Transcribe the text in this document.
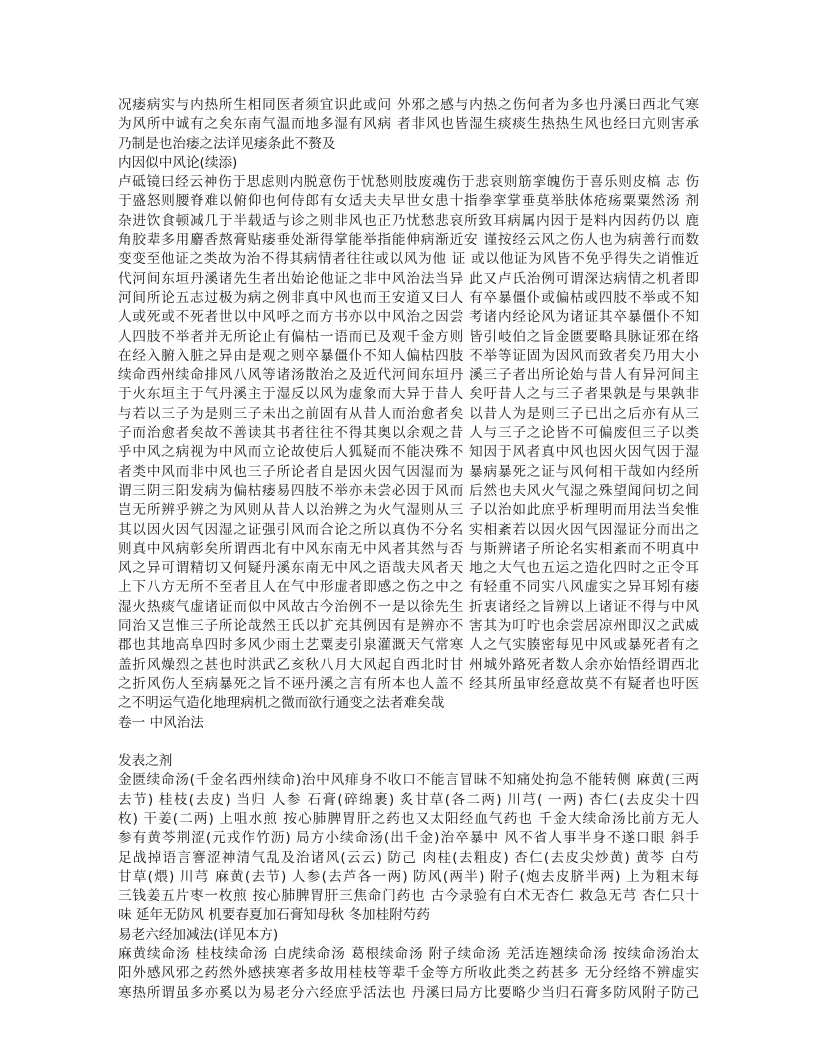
况痿病实与内热所生相同医者须宜识此或问 外邪之感与内热之伤何者为多也丹溪曰西北气寒
为风所中诚有之矣东南气温而地多湿有风病 者非风也皆湿生痰痰生热热生风也经曰亢则害承
乃制是也治痿之法详见痿条此不赘及
内因似中风论(续添)
卢砥镜曰经云神伤于思虑则内脱意伤于忧愁则肢废魂伤于悲哀则筋挛魄伤于喜乐则皮槁 志 伤
于盛怒则腰脊难以俯仰也何侍郎有女适夫夫早世女患十指拳挛掌垂莫举肤体疮疡粟粟然汤 剂
杂进饮食顿减几于半载适与诊之则非风也正乃忧愁悲哀所致耳病属内因于是料内因药仍以 鹿
角胶辈多用麝香熬膏贴痿垂处渐得掌能举指能伸病渐近安 谨按经云风之伤人也为病善行而数
变变至他证之类故为治不得其病情者往往或以风为他 证 或以他证为风皆不免乎得失之诮惟近
代河间东垣丹溪诸先生者出始论他证之非中风治法当异 此又卢氏治例可谓深达病情之机者即
河间所论五志过极为病之例非真中风也而王安道又曰人 有卒暴僵仆或偏枯或四肢不举或不知
人或死或不死者世以中风呼之而方书亦以中风治之因尝 考诸内经论风为诸证其卒暴僵仆不知
人四肢不举者并无所论止有偏枯一语而已及观千金方则 皆引岐伯之旨金匮要略具脉证邪在络
在经入腑入脏之异由是观之则卒暴僵仆不知人偏枯四肢 不举等证固为因风而致者矣乃用大小
续命西州续命排风八风等诸汤散治之及近代河间东垣丹 溪三子者出所论始与昔人有异河间主
于火东垣主于气丹溪主于湿反以风为虚象而大异于昔人 矣吁昔人之与三子者果孰是与果孰非
与若以三子为是则三子未出之前固有从昔人而治愈者矣 以昔人为是则三子已出之后亦有从三
子而治愈者矣故不善读其书者往往不得其奥以余观之昔 人与三子之论皆不可偏废但三子以类
乎中风之病视为中风而立论故使后人狐疑而不能决殊不 知因于风者真中风也因火因气因于湿
者类中风而非中风也三子所论者自是因火因气因湿而为 暴病暴死之证与风何相干哉如内经所
谓三阴三阳发病为偏枯痿易四肢不举亦未尝必因于风而 后然也夫风火气湿之殊望闻问切之间
岂无所辨乎辨之为风则从昔人以治辨之为火气湿则从三 子以治如此庶乎析理明而用法当矣惟
其以因火因气因湿之证强引风而合论之所以真伪不分名 实相紊若以因火因气因湿证分而出之
则真中风病彰矣所谓西北有中风东南无中风者其然与否 与斯辨诸子所论名实相紊而不明真中
风之异可谓精切又何疑丹溪东南无中风之语哉夫风者天 地之大气也五运之造化四时之正令耳
上下八方无所不至者且人在气中形虚者即感之伤之中之 有轻重不同实八风虚实之异耳矧有痿
湿火热痰气虚诸证而似中风故古今治例不一是以徐先生 折衷诸经之旨辨以上诸证不得与中风
同治又岂惟三子所论哉然王氏以扩充其例因有是辨亦不 害其为叮咛也余尝居凉州即汉之武威
郡也其地高阜四时多风少雨土艺粟麦引泉灌溉天气常寒 人之气实腠密每见中风或暴死者有之
盖折风燥烈之甚也时洪武乙亥秋八月大风起自西北时甘 州城外路死者数人余亦始悟经谓西北
之折风伤人至病暴死之旨不诬丹溪之言有所本也人盖不 经其所虽审经意故莫不有疑者也吁医
之不明运气造化地理病机之微而欲行通变之法者难矣哉
卷一 中风治法
发表之剂
金匮续命汤(千金名西州续命)治中风痱身不收口不能言冒昧不知痛处拘急不能转侧 麻黄(三两
去节) 桂枝(去皮) 当归 人参 石膏(碎绵裹) 炙甘草(各二两) 川芎( 一两) 杏仁(去皮尖十四
枚) 干姜(二两) 上咀水煎 按心肺脾胃肝之药也又太阳经血气药也 千金大续命汤比前方无人
参有黄芩荆涩(元戎作竹沥) 局方小续命汤(出千金)治卒暴中 风不省人事半身不遂口眼 斜手
足战掉语言謇涩神清气乱及治诸风(云云) 防己 肉桂(去粗皮) 杏仁(去皮尖炒黄) 黄芩 白芍
甘草(煨) 川芎 麻黄(去节) 人参(去芦各一两) 防风(两半) 附子(炮去皮脐半两) 上为粗末每
三钱姜五片枣一枚煎 按心肺脾胃肝三焦命门药也 古今录验有白术无杏仁 救急无芎 杏仁只十
味 延年无防风 机要春夏加石膏知母秋 冬加桂附芍药
易老六经加减法(详见本方)
麻黄续命汤 桂枝续命汤 白虎续命汤 葛根续命汤 附子续命汤 羌活连翘续命汤 按续命汤治太
阳外感风邪之药然外感挟寒者多故用桂枝等辈千金等方所收此类之药甚多 无分经络不辨虚实
寒热所谓虽多亦奚以为易老分六经庶乎活法也 丹溪曰局方比要略少当归石膏多防风附子防己
